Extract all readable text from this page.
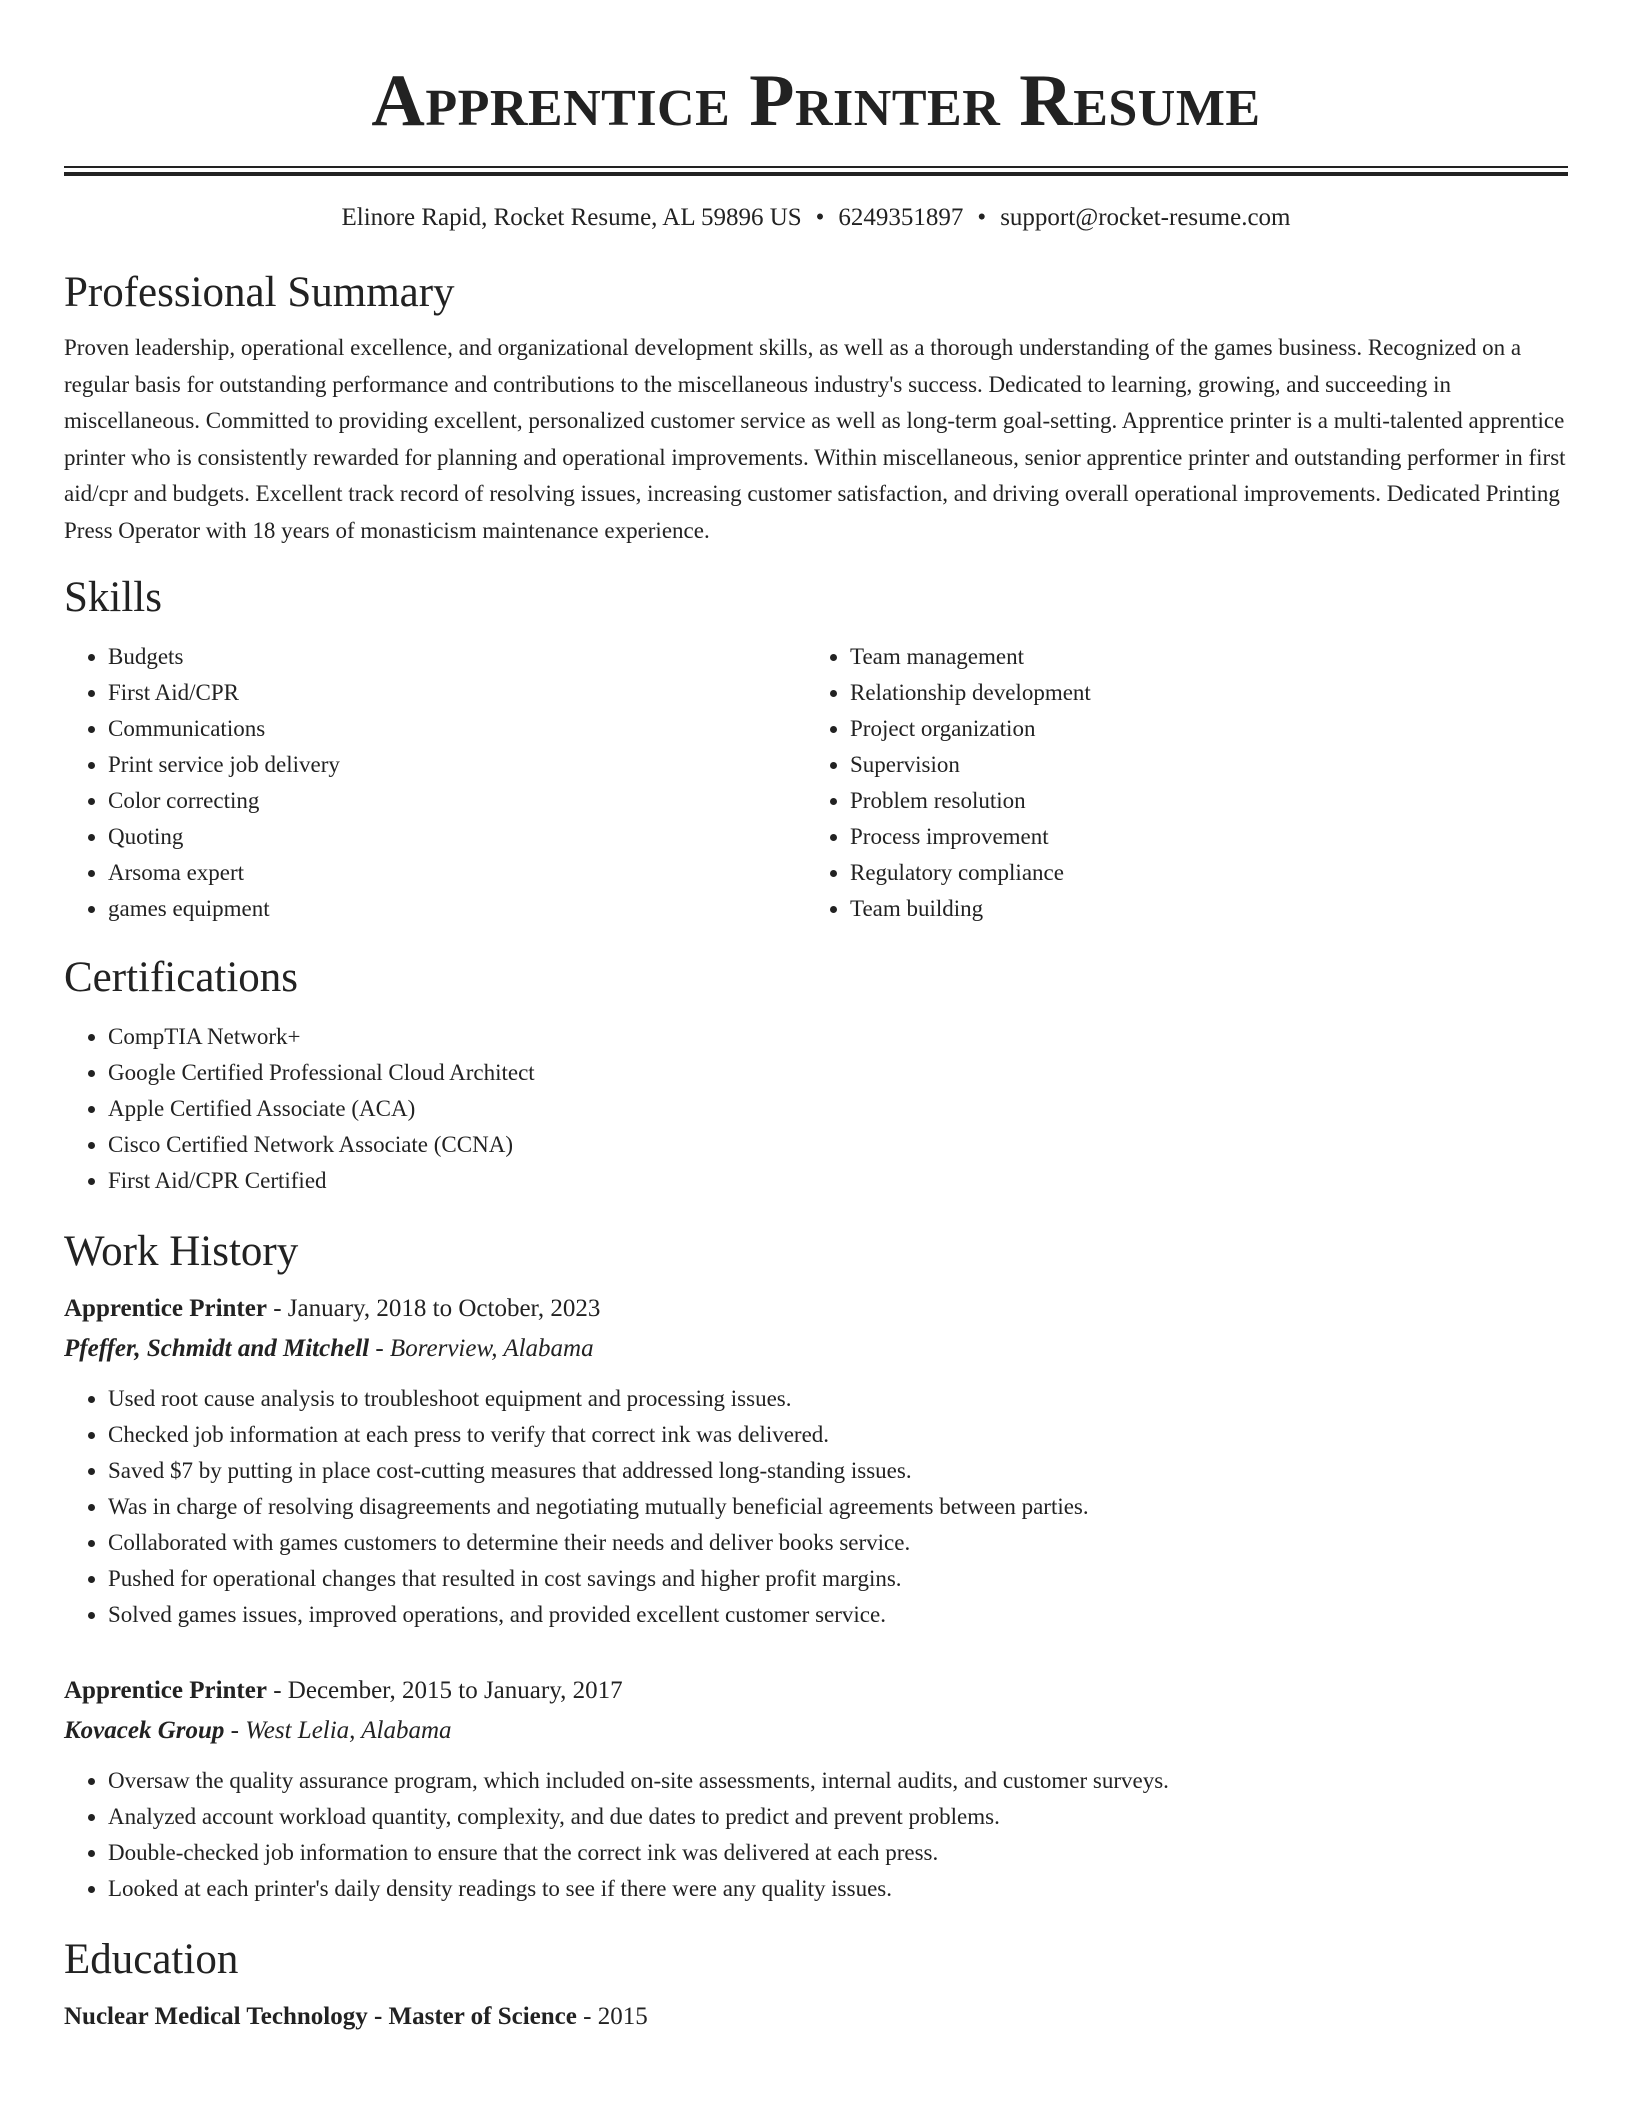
Apprentice Printer Resume
Elinore Rapid, Rocket Resume, AL 59896 US • 6249351897 • support@rocket-resume.com
Professional Summary
Proven leadership, operational excellence, and organizational development skills, as well as a thorough understanding of the games business. Recognized on a regular basis for outstanding performance and contributions to the miscellaneous industry's success. Dedicated to learning, growing, and succeeding in miscellaneous. Committed to providing excellent, personalized customer service as well as long-term goal-setting. Apprentice printer is a multi-talented apprentice printer who is consistently rewarded for planning and operational improvements. Within miscellaneous, senior apprentice printer and outstanding performer in first aid/cpr and budgets. Excellent track record of resolving issues, increasing customer satisfaction, and driving overall operational improvements. Dedicated Printing Press Operator with 18 years of monasticism maintenance experience.
Skills
• Budgets
• First Aid/CPR
• Communications
• Print service job delivery
• Color correcting
• Quoting
• Arsoma expert
• games equipment
• Team management
• Relationship development
• Project organization
• Supervision
• Problem resolution
• Process improvement
• Regulatory compliance
• Team building
Certifications
• CompTIA Network+
• Google Certified Professional Cloud Architect
• Apple Certified Associate (ACA)
• Cisco Certified Network Associate (CCNA)
• First Aid/CPR Certified
Work History
Apprentice Printer - January, 2018 to October, 2023
Pfeffer, Schmidt and Mitchell - Borerview, Alabama
• Used root cause analysis to troubleshoot equipment and processing issues.
• Checked job information at each press to verify that correct ink was delivered.
• Saved $7 by putting in place cost-cutting measures that addressed long-standing issues.
• Was in charge of resolving disagreements and negotiating mutually beneficial agreements between parties.
• Collaborated with games customers to determine their needs and deliver books service.
• Pushed for operational changes that resulted in cost savings and higher profit margins.
• Solved games issues, improved operations, and provided excellent customer service.
Apprentice Printer - December, 2015 to January, 2017
Kovacek Group - West Lelia, Alabama
• Oversaw the quality assurance program, which included on-site assessments, internal audits, and customer surveys.
• Analyzed account workload quantity, complexity, and due dates to predict and prevent problems.
• Double-checked job information to ensure that the correct ink was delivered at each press.
• Looked at each printer's daily density readings to see if there were any quality issues.
Education
Nuclear Medical Technology - Master of Science - 2015
